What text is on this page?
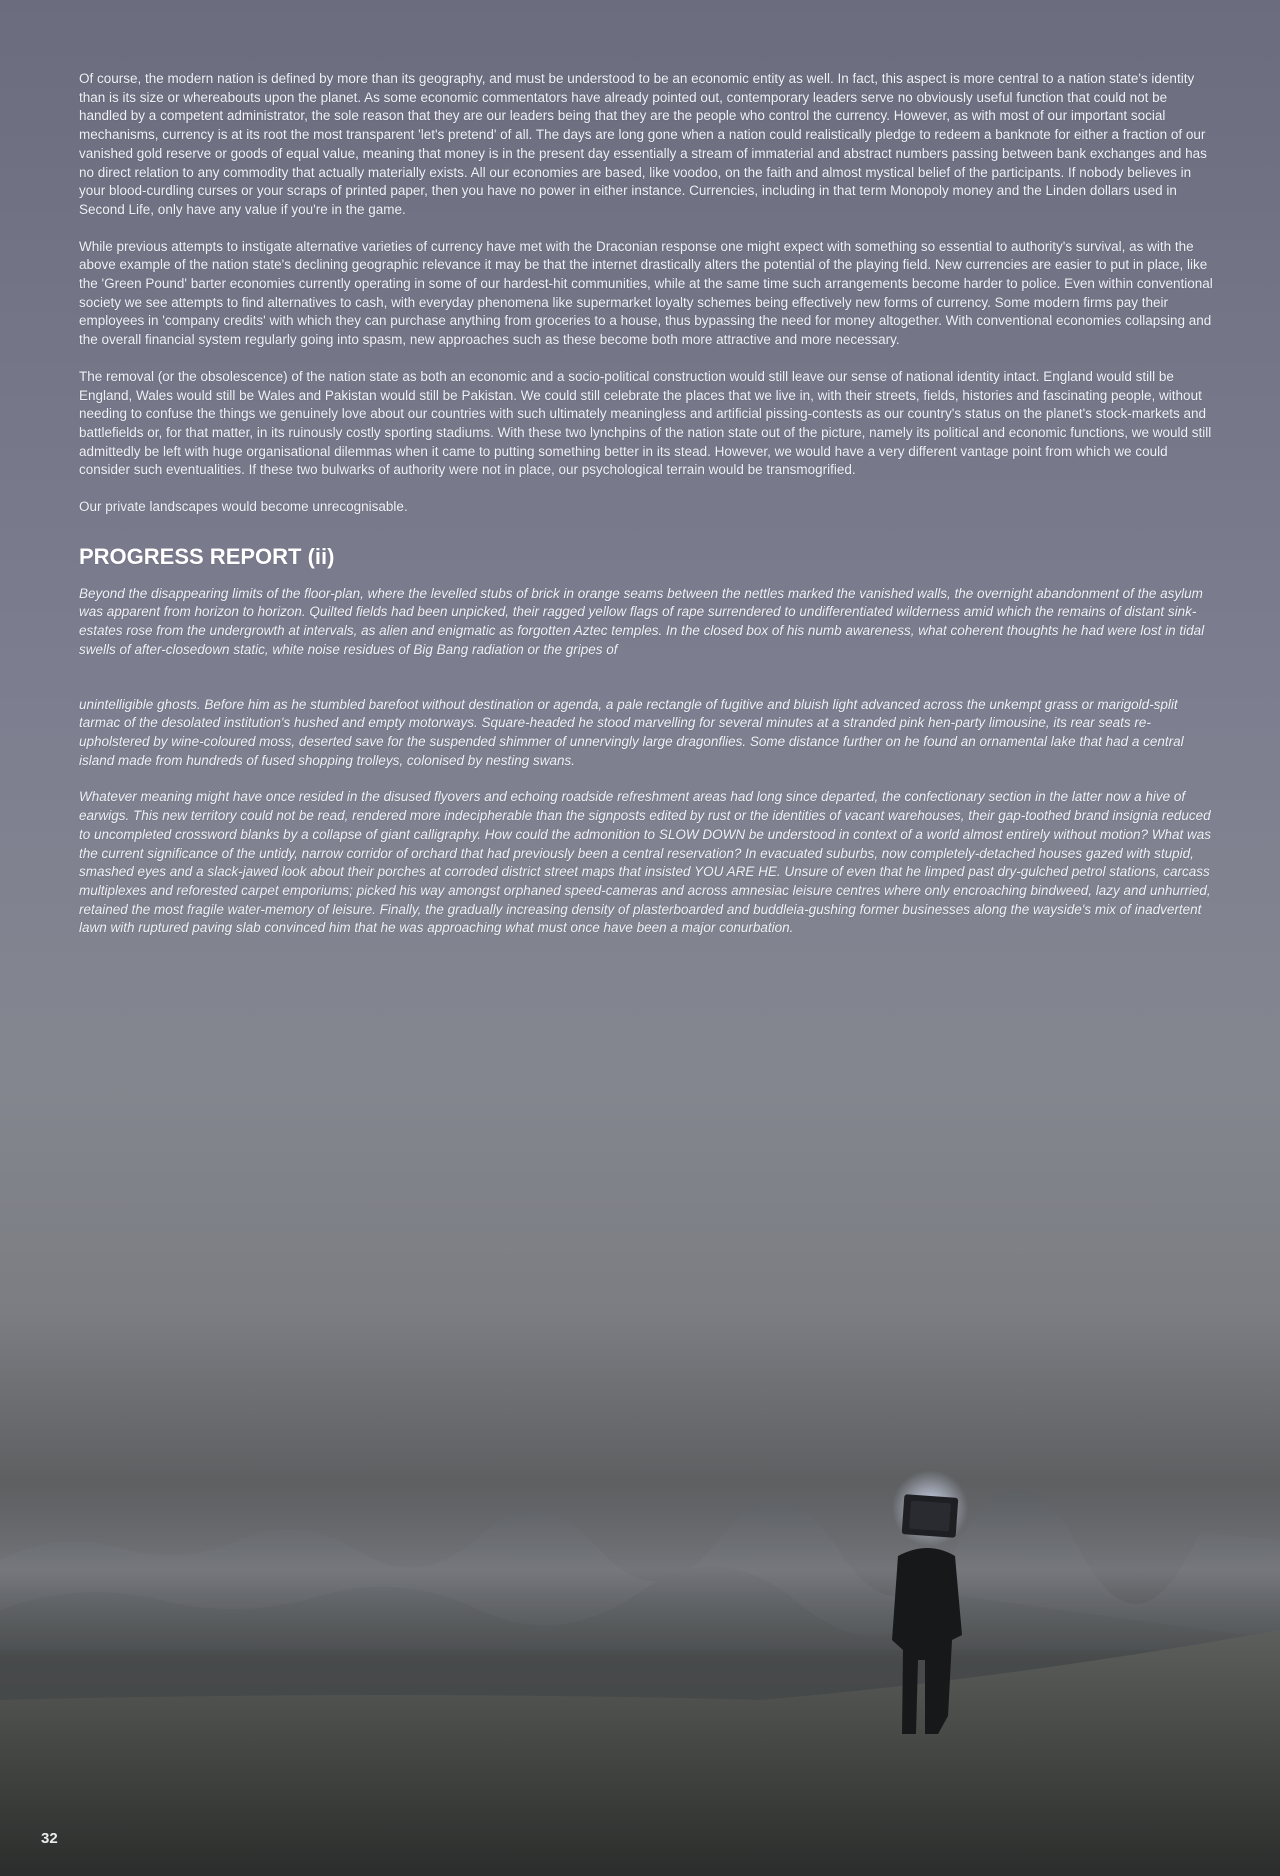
Of course, the modern nation is defined by more than its geography, and must be understood to be an economic entity as well. In fact, this aspect is more central to a nation state's identity than is its size or whereabouts upon the planet. As some economic commentators have already pointed out, contemporary leaders serve no obviously useful function that could not be handled by a competent administrator, the sole reason that they are our leaders being that they are the people who control the currency. However, as with most of our important social mechanisms, currency is at its root the most transparent 'let's pretend' of all. The days are long gone when a nation could realistically pledge to redeem a banknote for either a fraction of our vanished gold reserve or goods of equal value, meaning that money is in the present day essentially a stream of immaterial and abstract numbers passing between bank exchanges and has no direct relation to any commodity that actually materially exists. All our economies are based, like voodoo, on the faith and almost mystical belief of the participants. If nobody believes in your blood-curdling curses or your scraps of printed paper, then you have no power in either instance. Currencies, including in that term Monopoly money and the Linden dollars used in Second Life, only have any value if you're in the game.

While previous attempts to instigate alternative varieties of currency have met with the Draconian response one might expect with something so essential to authority's survival, as with the above example of the nation state's declining geographic relevance it may be that the internet drastically alters the potential of the playing field. New currencies are easier to put in place, like the 'Green Pound' barter economies currently operating in some of our hardest-hit communities, while at the same time such arrangements become harder to police. Even within conventional society we see attempts to find alternatives to cash, with everyday phenomena like supermarket loyalty schemes being effectively new forms of currency. Some modern firms pay their employees in 'company credits' with which they can purchase anything from groceries to a house, thus bypassing the need for money altogether. With conventional economies collapsing and the overall financial system regularly going into spasm, new approaches such as these become both more attractive and more necessary.

The removal (or the obsolescence) of the nation state as both an economic and a socio-political construction would still leave our sense of national identity intact. England would still be England, Wales would still be Wales and Pakistan would still be Pakistan. We could still celebrate the places that we live in, with their streets, fields, histories and fascinating people, without needing to confuse the things we genuinely love about our countries with such ultimately meaningless and artificial pissing-contests as our country's status on the planet's stock-markets and battlefields or, for that matter, in its ruinously costly sporting stadiums. With these two lynchpins of the nation state out of the picture, namely its political and economic functions, we would still admittedly be left with huge organisational dilemmas when it came to putting something better in its stead. However, we would have a very different vantage point from which we could consider such eventualities. If these two bulwarks of authority were not in place, our psychological terrain would be transmogrified.

Our private landscapes would become unrecognisable.

PROGRESS REPORT (ii)

Beyond the disappearing limits of the floor-plan, where the levelled stubs of brick in orange seams between the nettles marked the vanished walls, the overnight abandonment of the asylum was apparent from horizon to horizon. Quilted fields had been unpicked, their ragged yellow flags of rape surrendered to undifferentiated wilderness amid which the remains of distant sink-estates rose from the undergrowth at intervals, as alien and enigmatic as forgotten Aztec temples. In the closed box of his numb awareness, what coherent thoughts he had were lost in tidal swells of after-closedown static, white noise residues of Big Bang radiation or the gripes of

unintelligible ghosts. Before him as he stumbled barefoot without destination or agenda, a pale rectangle of fugitive and bluish light advanced across the unkempt grass or marigold-split tarmac of the desolated institution's hushed and empty motorways. Square-headed he stood marvelling for several minutes at a stranded pink hen-party limousine, its rear seats re-upholstered by wine-coloured moss, deserted save for the suspended shimmer of unnervingly large dragonflies. Some distance further on he found an ornamental lake that had a central island made from hundreds of fused shopping trolleys, colonised by nesting swans.

Whatever meaning might have once resided in the disused flyovers and echoing roadside refreshment areas had long since departed, the confectionary section in the latter now a hive of earwigs. This new territory could not be read, rendered more indecipherable than the signposts edited by rust or the identities of vacant warehouses, their gap-toothed brand insignia reduced to uncompleted crossword blanks by a collapse of giant calligraphy. How could the admonition to SLOW DOWN be understood in context of a world almost entirely without motion? What was the current significance of the untidy, narrow corridor of orchard that had previously been a central reservation? In evacuated suburbs, now completely-detached houses gazed with stupid, smashed eyes and a slack-jawed look about their porches at corroded district street maps that insisted YOU ARE HE. Unsure of even that he limped past dry-gulched petrol stations, carcass multiplexes and reforested carpet emporiums; picked his way amongst orphaned speed-cameras and across amnesiac leisure centres where only encroaching bindweed, lazy and unhurried, retained the most fragile water-memory of leisure. Finally, the gradually increasing density of plasterboarded and buddleia-gushing former businesses along the wayside's mix of inadvertent lawn with ruptured paving slab convinced him that he was approaching what must once have been a major conurbation.

32
